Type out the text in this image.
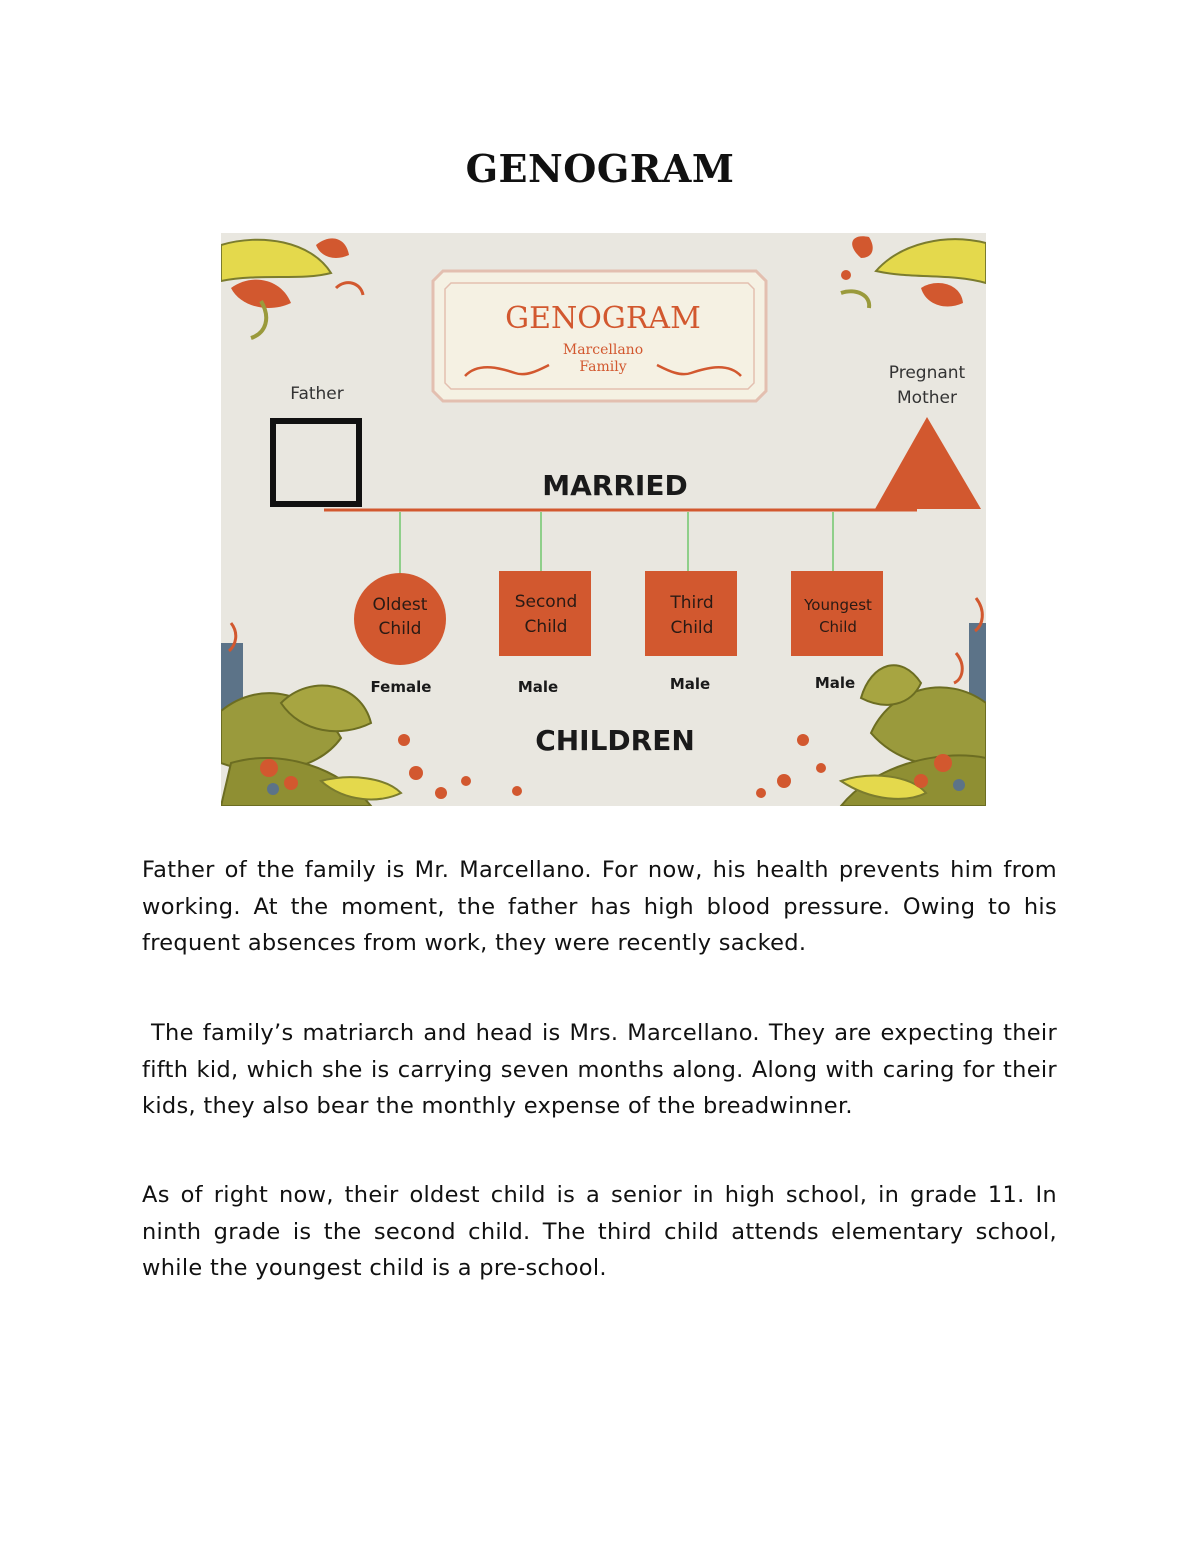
GENOGRAM
GENOGRAM
Marcellano
Family
Father
Pregnant
Mother
MARRIED
Oldest
Child
Female
Second
Child
Male
Third
Child
Male
Youngest
Child
Male
CHILDREN

Father of the family is Mr. Marcellano. For now, his health prevents him from working. At the moment, the father has high blood pressure. Owing to his frequent absences from work, they were recently sacked.

The family’s matriarch and head is Mrs. Marcellano. They are expecting their fifth kid, which she is carrying seven months along. Along with caring for their kids, they also bear the monthly expense of the breadwinner.

As of right now, their oldest child is a senior in high school, in grade 11. In ninth grade is the second child. The third child attends elementary school, while the youngest child is a pre-school.
